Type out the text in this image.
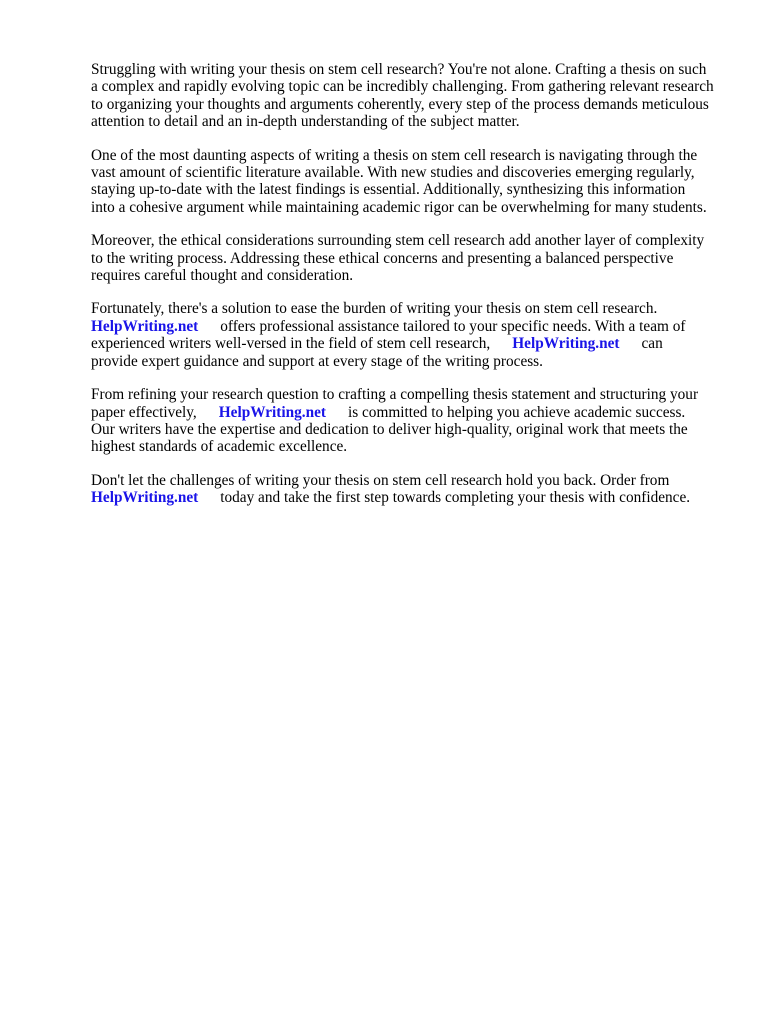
Struggling with writing your thesis on stem cell research? You're not alone. Crafting a thesis on such
a complex and rapidly evolving topic can be incredibly challenging. From gathering relevant research
to organizing your thoughts and arguments coherently, every step of the process demands meticulous
attention to detail and an in-depth understanding of the subject matter.

One of the most daunting aspects of writing a thesis on stem cell research is navigating through the
vast amount of scientific literature available. With new studies and discoveries emerging regularly,
staying up-to-date with the latest findings is essential. Additionally, synthesizing this information
into a cohesive argument while maintaining academic rigor can be overwhelming for many students.

Moreover, the ethical considerations surrounding stem cell research add another layer of complexity
to the writing process. Addressing these ethical concerns and presenting a balanced perspective
requires careful thought and consideration.

Fortunately, there's a solution to ease the burden of writing your thesis on stem cell research.
HelpWriting.net offers professional assistance tailored to your specific needs. With a team of
experienced writers well-versed in the field of stem cell research, HelpWriting.net can
provide expert guidance and support at every stage of the writing process.

From refining your research question to crafting a compelling thesis statement and structuring your
paper effectively, HelpWriting.net is committed to helping you achieve academic success.
Our writers have the expertise and dedication to deliver high-quality, original work that meets the
highest standards of academic excellence.

Don't let the challenges of writing your thesis on stem cell research hold you back. Order from
HelpWriting.net today and take the first step towards completing your thesis with confidence.
